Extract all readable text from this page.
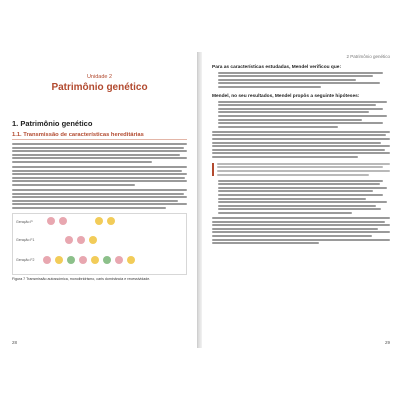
Unidade 2
Patrimônio genético
1. Patrimônio genético
1.1. Transmissão de características hereditárias
Geração P
Geração F1
Geração F2
Figura 7 Transmissão autossómica, monoibridrismo, caris dominância e recessividade.
28
2 Patrimônio genético
Para as características estudadas, Mendel verificou que:
Mendel, no seu resultados, Mendel propôs a seguinte hipóteses:
29
